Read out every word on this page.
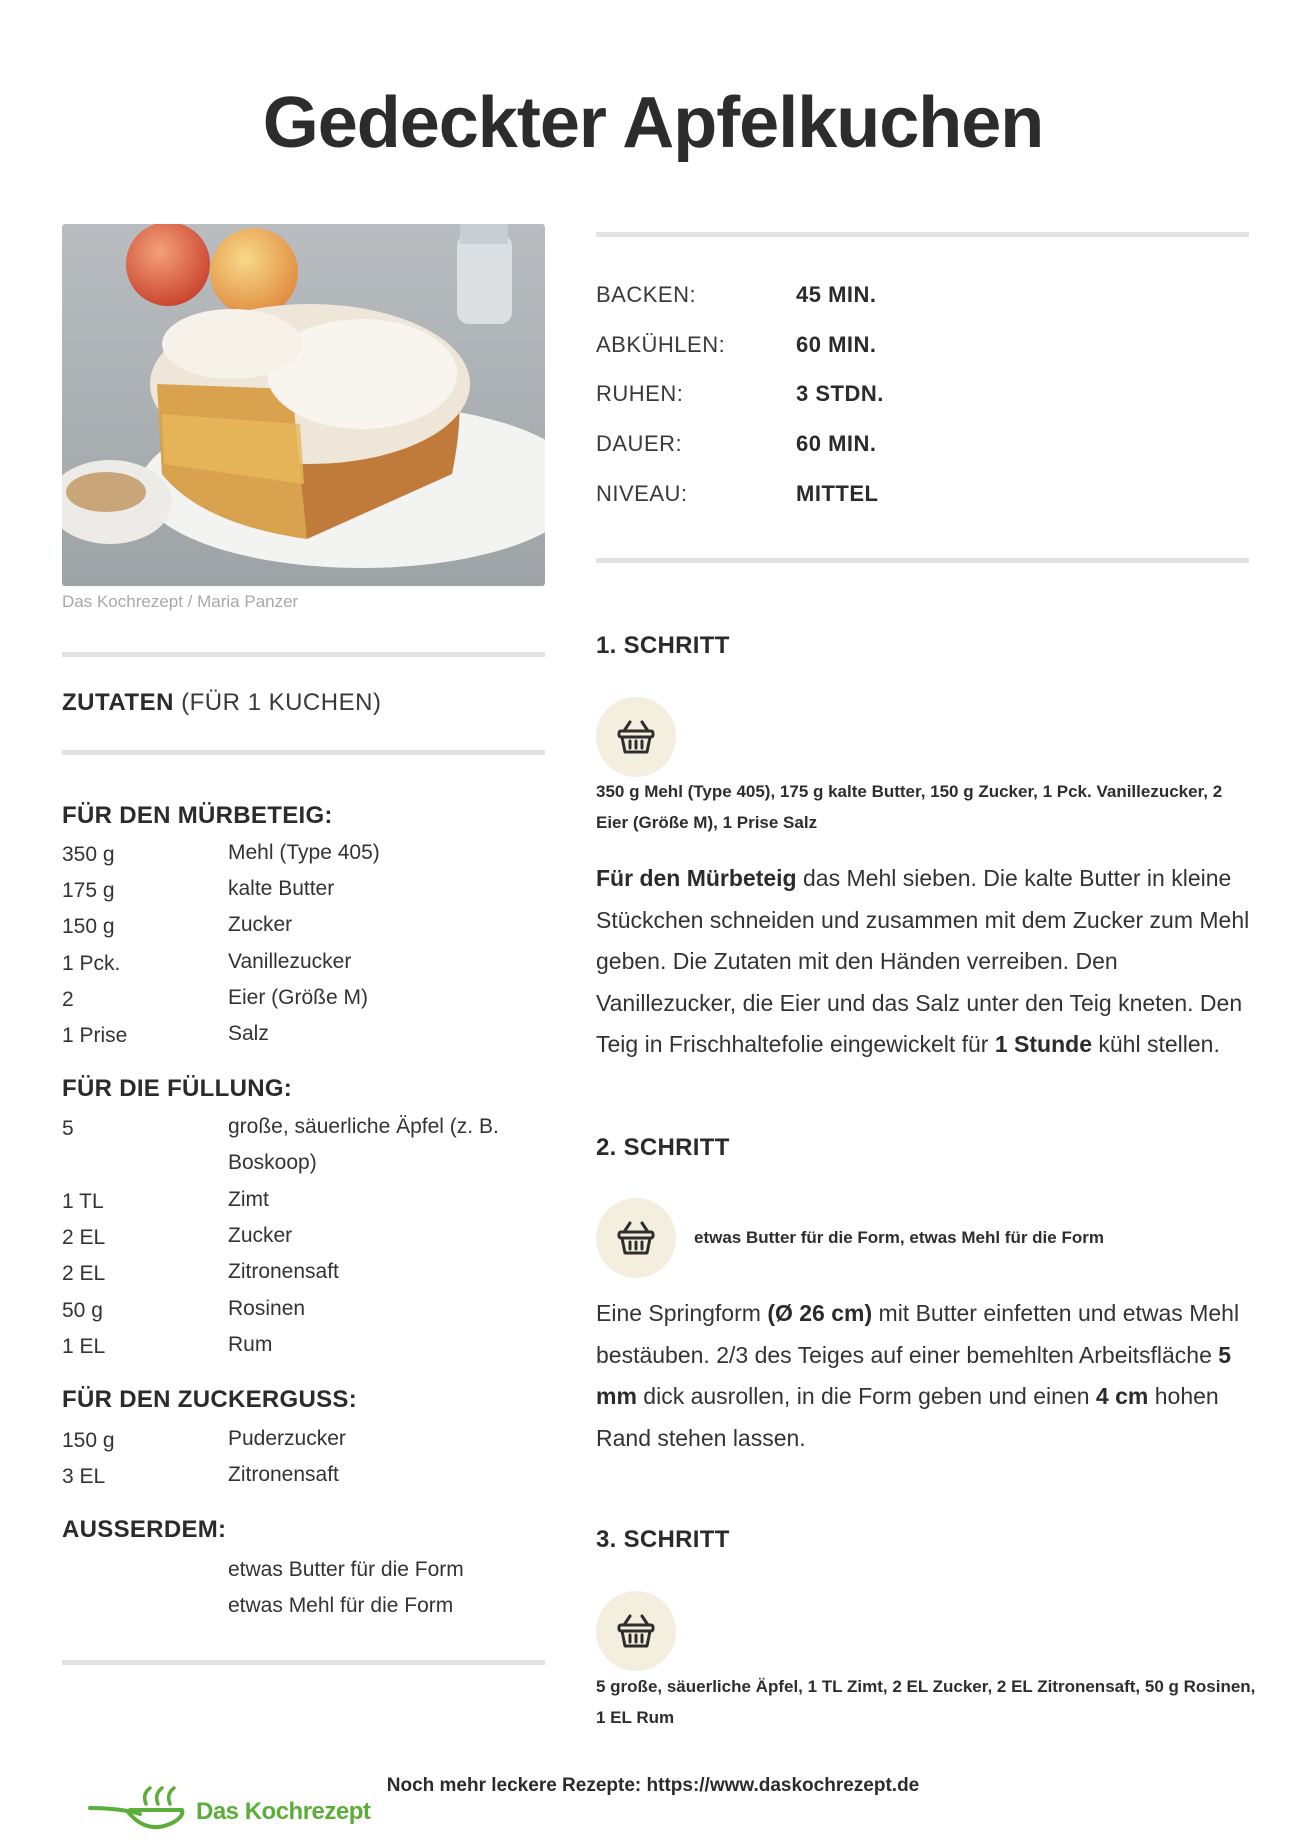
Gedeckter Apfelkuchen
Das Kochrezept / Maria Panzer
BACKEN:	45 MIN.
ABKÜHLEN:	60 MIN.
RUHEN:	3 STDN.
DAUER:	60 MIN.
NIVEAU:	MITTEL
ZUTATEN (FÜR 1 KUCHEN)
FÜR DEN MÜRBETEIG:
350 g	Mehl (Type 405)
175 g	kalte Butter
150 g	Zucker
1 Pck.	Vanillezucker
2	Eier (Größe M)
1 Prise	Salz
FÜR DIE FÜLLUNG:
5	große, säuerliche Äpfel (z. B. Boskoop)
1 TL	Zimt
2 EL	Zucker
2 EL	Zitronensaft
50 g	Rosinen
1 EL	Rum
FÜR DEN ZUCKERGUSS:
150 g	Puderzucker
3 EL	Zitronensaft
AUSSERDEM:
etwas Butter für die Form
etwas Mehl für die Form
1. SCHRITT
350 g Mehl (Type 405), 175 g kalte Butter, 150 g Zucker, 1 Pck. Vanillezucker, 2 Eier (Größe M), 1 Prise Salz
Für den Mürbeteig das Mehl sieben. Die kalte Butter in kleine Stückchen schneiden und zusammen mit dem Zucker zum Mehl geben. Die Zutaten mit den Händen verreiben. Den Vanillezucker, die Eier und das Salz unter den Teig kneten. Den Teig in Frischhaltefolie eingewickelt für 1 Stunde kühl stellen.
2. SCHRITT
etwas Butter für die Form, etwas Mehl für die Form
Eine Springform (Ø 26 cm) mit Butter einfetten und etwas Mehl bestäuben. 2/3 des Teiges auf einer bemehlten Arbeitsfläche 5 mm dick ausrollen, in die Form geben und einen 4 cm hohen Rand stehen lassen.
3. SCHRITT
5 große, säuerliche Äpfel, 1 TL Zimt, 2 EL Zucker, 2 EL Zitronensaft, 50 g Rosinen, 1 EL Rum
Das Kochrezept
Noch mehr leckere Rezepte: https://www.daskochrezept.de
